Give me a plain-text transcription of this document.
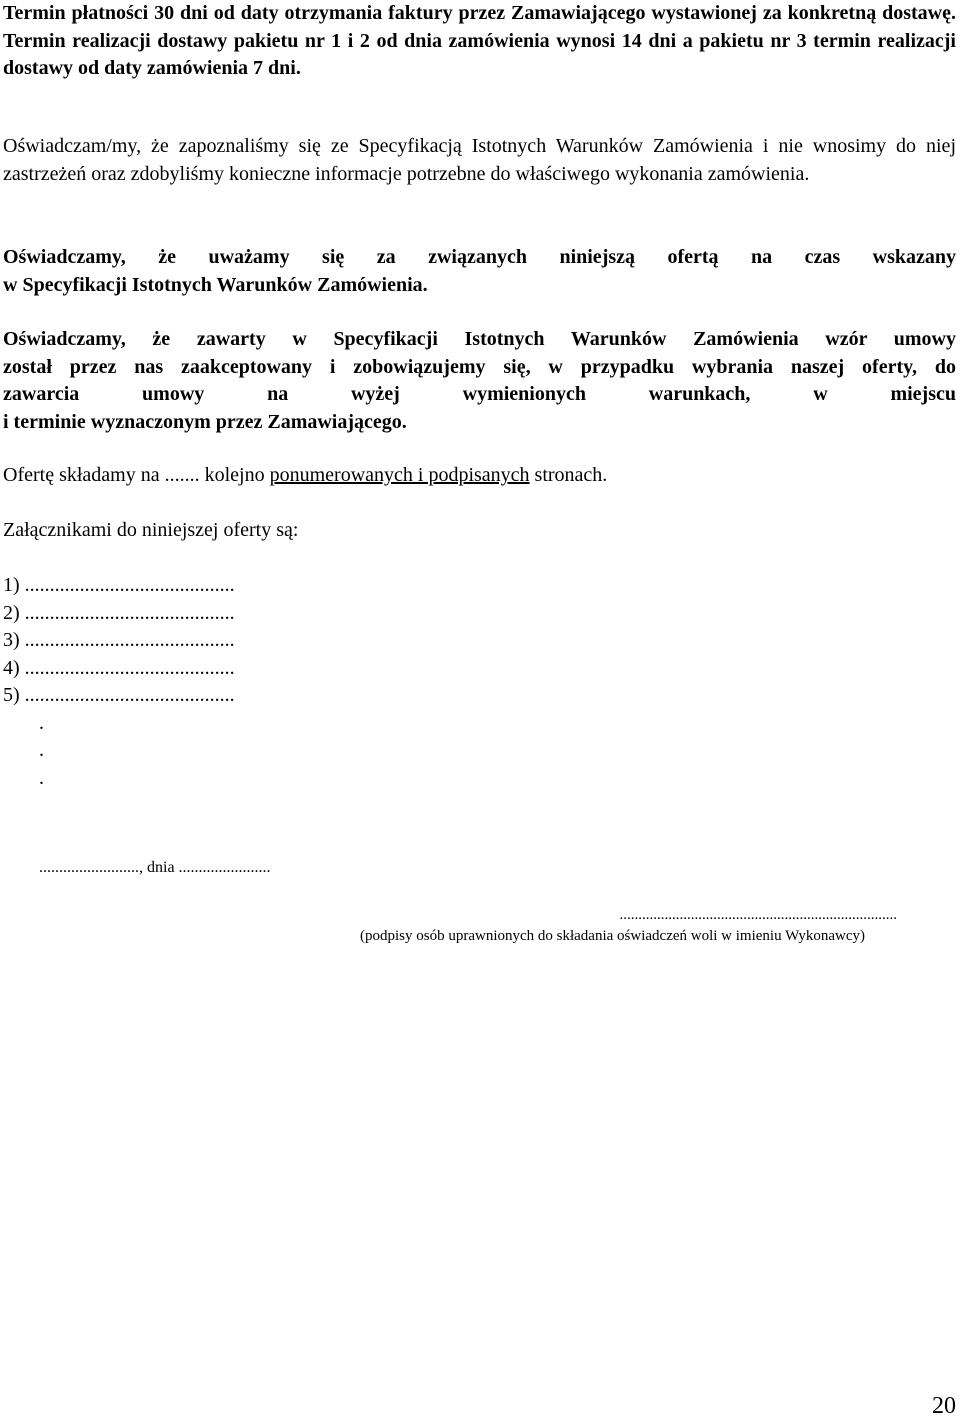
Termin płatności 30 dni od daty otrzymania faktury przez Zamawiającego wystawionej za konkretną dostawę. Termin realizacji dostawy pakietu nr 1 i 2 od dnia zamówienia wynosi 14 dni a pakietu nr 3 termin realizacji dostawy od daty zamówienia 7 dni.
Oświadczam/my, że zapoznaliśmy się ze Specyfikacją Istotnych Warunków Zamówienia i nie wnosimy do niej zastrzeżeń oraz zdobyliśmy konieczne informacje potrzebne do właściwego wykonania zamówienia.
Oświadczamy, że uważamy się za związanych niniejszą ofertą na czas wskazany
w Specyfikacji Istotnych Warunków Zamówienia.
Oświadczamy, że zawarty w Specyfikacji Istotnych Warunków Zamówienia wzór umowy
został przez nas zaakceptowany i zobowiązujemy się, w przypadku wybrania naszej oferty, do
zawarcia umowy na wyżej wymienionych warunkach, w miejscu
i terminie wyznaczonym przez Zamawiającego.
Ofertę składamy na ....... kolejno ponumerowanych i podpisanych stronach.
Załącznikami do niniejszej oferty są:
1) ..........................................
2) ..........................................
3) ..........................................
4) ..........................................
5) ..........................................
.
.
.
........................., dnia .......................
..........................................................................
(podpisy osób uprawnionych do składania oświadczeń woli w imieniu Wykonawcy)
20
